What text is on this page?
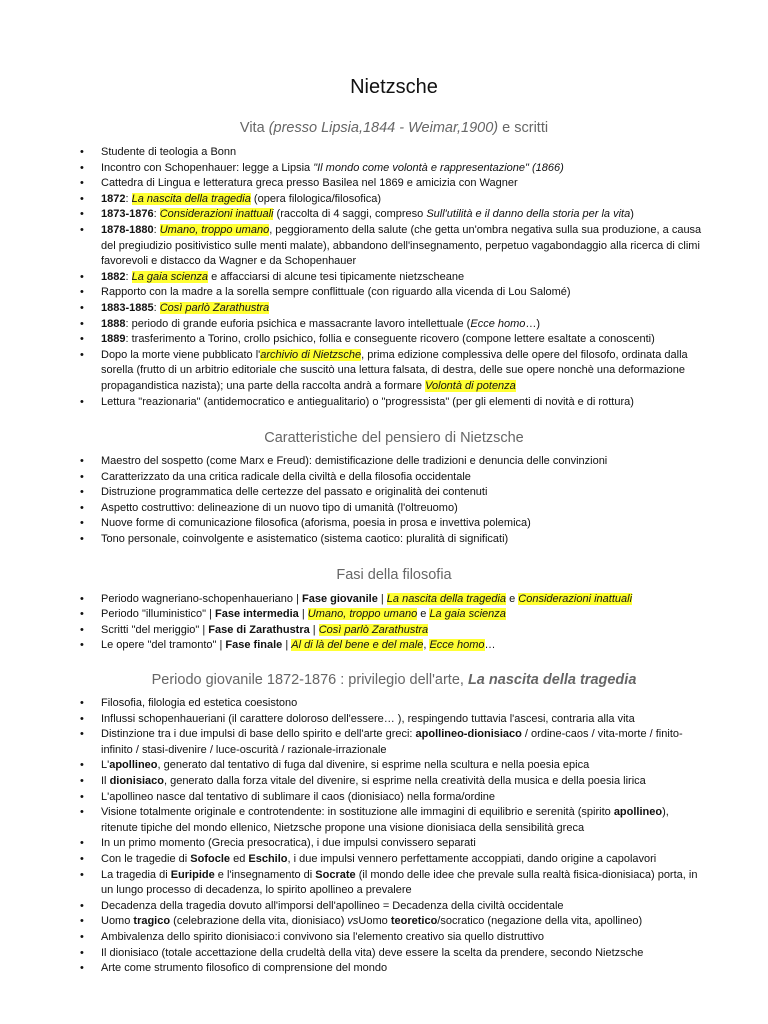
Nietzsche
Vita (presso Lipsia,1844 - Weimar,1900) e scritti
• Studente di teologia a Bonn
• Incontro con Schopenhauer: legge a Lipsia "Il mondo come volontà e rappresentazione" (1866)
• Cattedra di Lingua e letteratura greca presso Basilea nel 1869 e amicizia con Wagner
• 1872: La nascita della tragedia (opera filologica/filosofica)
• 1873-1876: Considerazioni inattuali (raccolta di 4 saggi, compreso Sull'utilità e il danno della storia per la vita)
• 1878-1880: Umano, troppo umano, peggioramento della salute (che getta un'ombra negativa sulla sua produzione, a causa del pregiudizio positivistico sulle menti malate), abbandono dell'insegnamento, perpetuo vagabondaggio alla ricerca di climi favorevoli e distacco da Wagner e da Schopenhauer
• 1882: La gaia scienza e affacciarsi di alcune tesi tipicamente nietzscheane
• Rapporto con la madre a la sorella sempre conflittuale (con riguardo alla vicenda di Lou Salomé)
• 1883-1885: Così parlò Zarathustra
• 1888: periodo di grande euforia psichica e massacrante lavoro intellettuale (Ecce homo…)
• 1889: trasferimento a Torino, crollo psichico, follia e conseguente ricovero (compone lettere esaltate a conoscenti)
• Dopo la morte viene pubblicato l'archivio di Nietzsche, prima edizione complessiva delle opere del filosofo, ordinata dalla sorella (frutto di un arbitrio editoriale che suscitò una lettura falsata, di destra, delle sue opere nonchè una deformazione propagandistica nazista); una parte della raccolta andrà a formare Volontà di potenza
• Lettura "reazionaria" (antidemocratico e antiegualitario) o "progressista" (per gli elementi di novità e di rottura)
Caratteristiche del pensiero di Nietzsche
• Maestro del sospetto (come Marx e Freud): demistificazione delle tradizioni e denuncia delle convinzioni
• Caratterizzato da una critica radicale della civiltà e della filosofia occidentale
• Distruzione programmatica delle certezze del passato e originalità dei contenuti
• Aspetto costruttivo: delineazione di un nuovo tipo di umanità (l'oltreuomo)
• Nuove forme di comunicazione filosofica (aforisma, poesia in prosa e invettiva polemica)
• Tono personale, coinvolgente e asistematico (sistema caotico: pluralità di significati)
Fasi della filosofia
• Periodo wagneriano-schopenhaueriano | Fase giovanile | La nascita della tragedia e Considerazioni inattuali
• Periodo "illuministico" | Fase intermedia | Umano, troppo umano e La gaia scienza
• Scritti "del meriggio" | Fase di Zarathustra | Così parlò Zarathustra
• Le opere "del tramonto" | Fase finale | Al di là del bene e del male, Ecce homo…
Periodo giovanile 1872-1876 : privilegio dell'arte, La nascita della tragedia
• Filosofia, filologia ed estetica coesistono
• Influssi schopenhaueriani (il carattere doloroso dell'essere… ), respingendo tuttavia l'ascesi, contraria alla vita
• Distinzione tra i due impulsi di base dello spirito e dell'arte greci: apollineo-dionisiaco / ordine-caos / vita-morte / finito-infinito / stasi-divenire / luce-oscurità / razionale-irrazionale
• L'apollineo, generato dal tentativo di fuga dal divenire, si esprime nella scultura e nella poesia epica
• Il dionisiaco, generato dalla forza vitale del divenire, si esprime nella creatività della musica e della poesia lirica
• L'apollineo nasce dal tentativo di sublimare il caos (dionisiaco) nella forma/ordine
• Visione totalmente originale e controtendente: in sostituzione alle immagini di equilibrio e serenità (spirito apollineo), ritenute tipiche del mondo ellenico, Nietzsche propone una visione dionisiaca della sensibilità greca
• In un primo momento (Grecia presocratica), i due impulsi convissero separati
• Con le tragedie di Sofocle ed Eschilo, i due impulsi vennero perfettamente accoppiati, dando origine a capolavori
• La tragedia di Euripide e l'insegnamento di Socrate (il mondo delle idee che prevale sulla realtà fisica-dionisiaca) porta, in un lungo processo di decadenza, lo spirito apollineo a prevalere
• Decadenza della tragedia dovuto all'imporsi dell'apollineo = Decadenza della civiltà occidentale
• Uomo tragico (celebrazione della vita, dionisiaco) vsUomo teoretico/socratico (negazione della vita, apollineo)
• Ambivalenza dello spirito dionisiaco:i convivono sia l'elemento creativo sia quello distruttivo
• Il dionisiaco (totale accettazione della crudeltà della vita) deve essere la scelta da prendere, secondo Nietzsche
• Arte come strumento filosofico di comprensione del mondo
